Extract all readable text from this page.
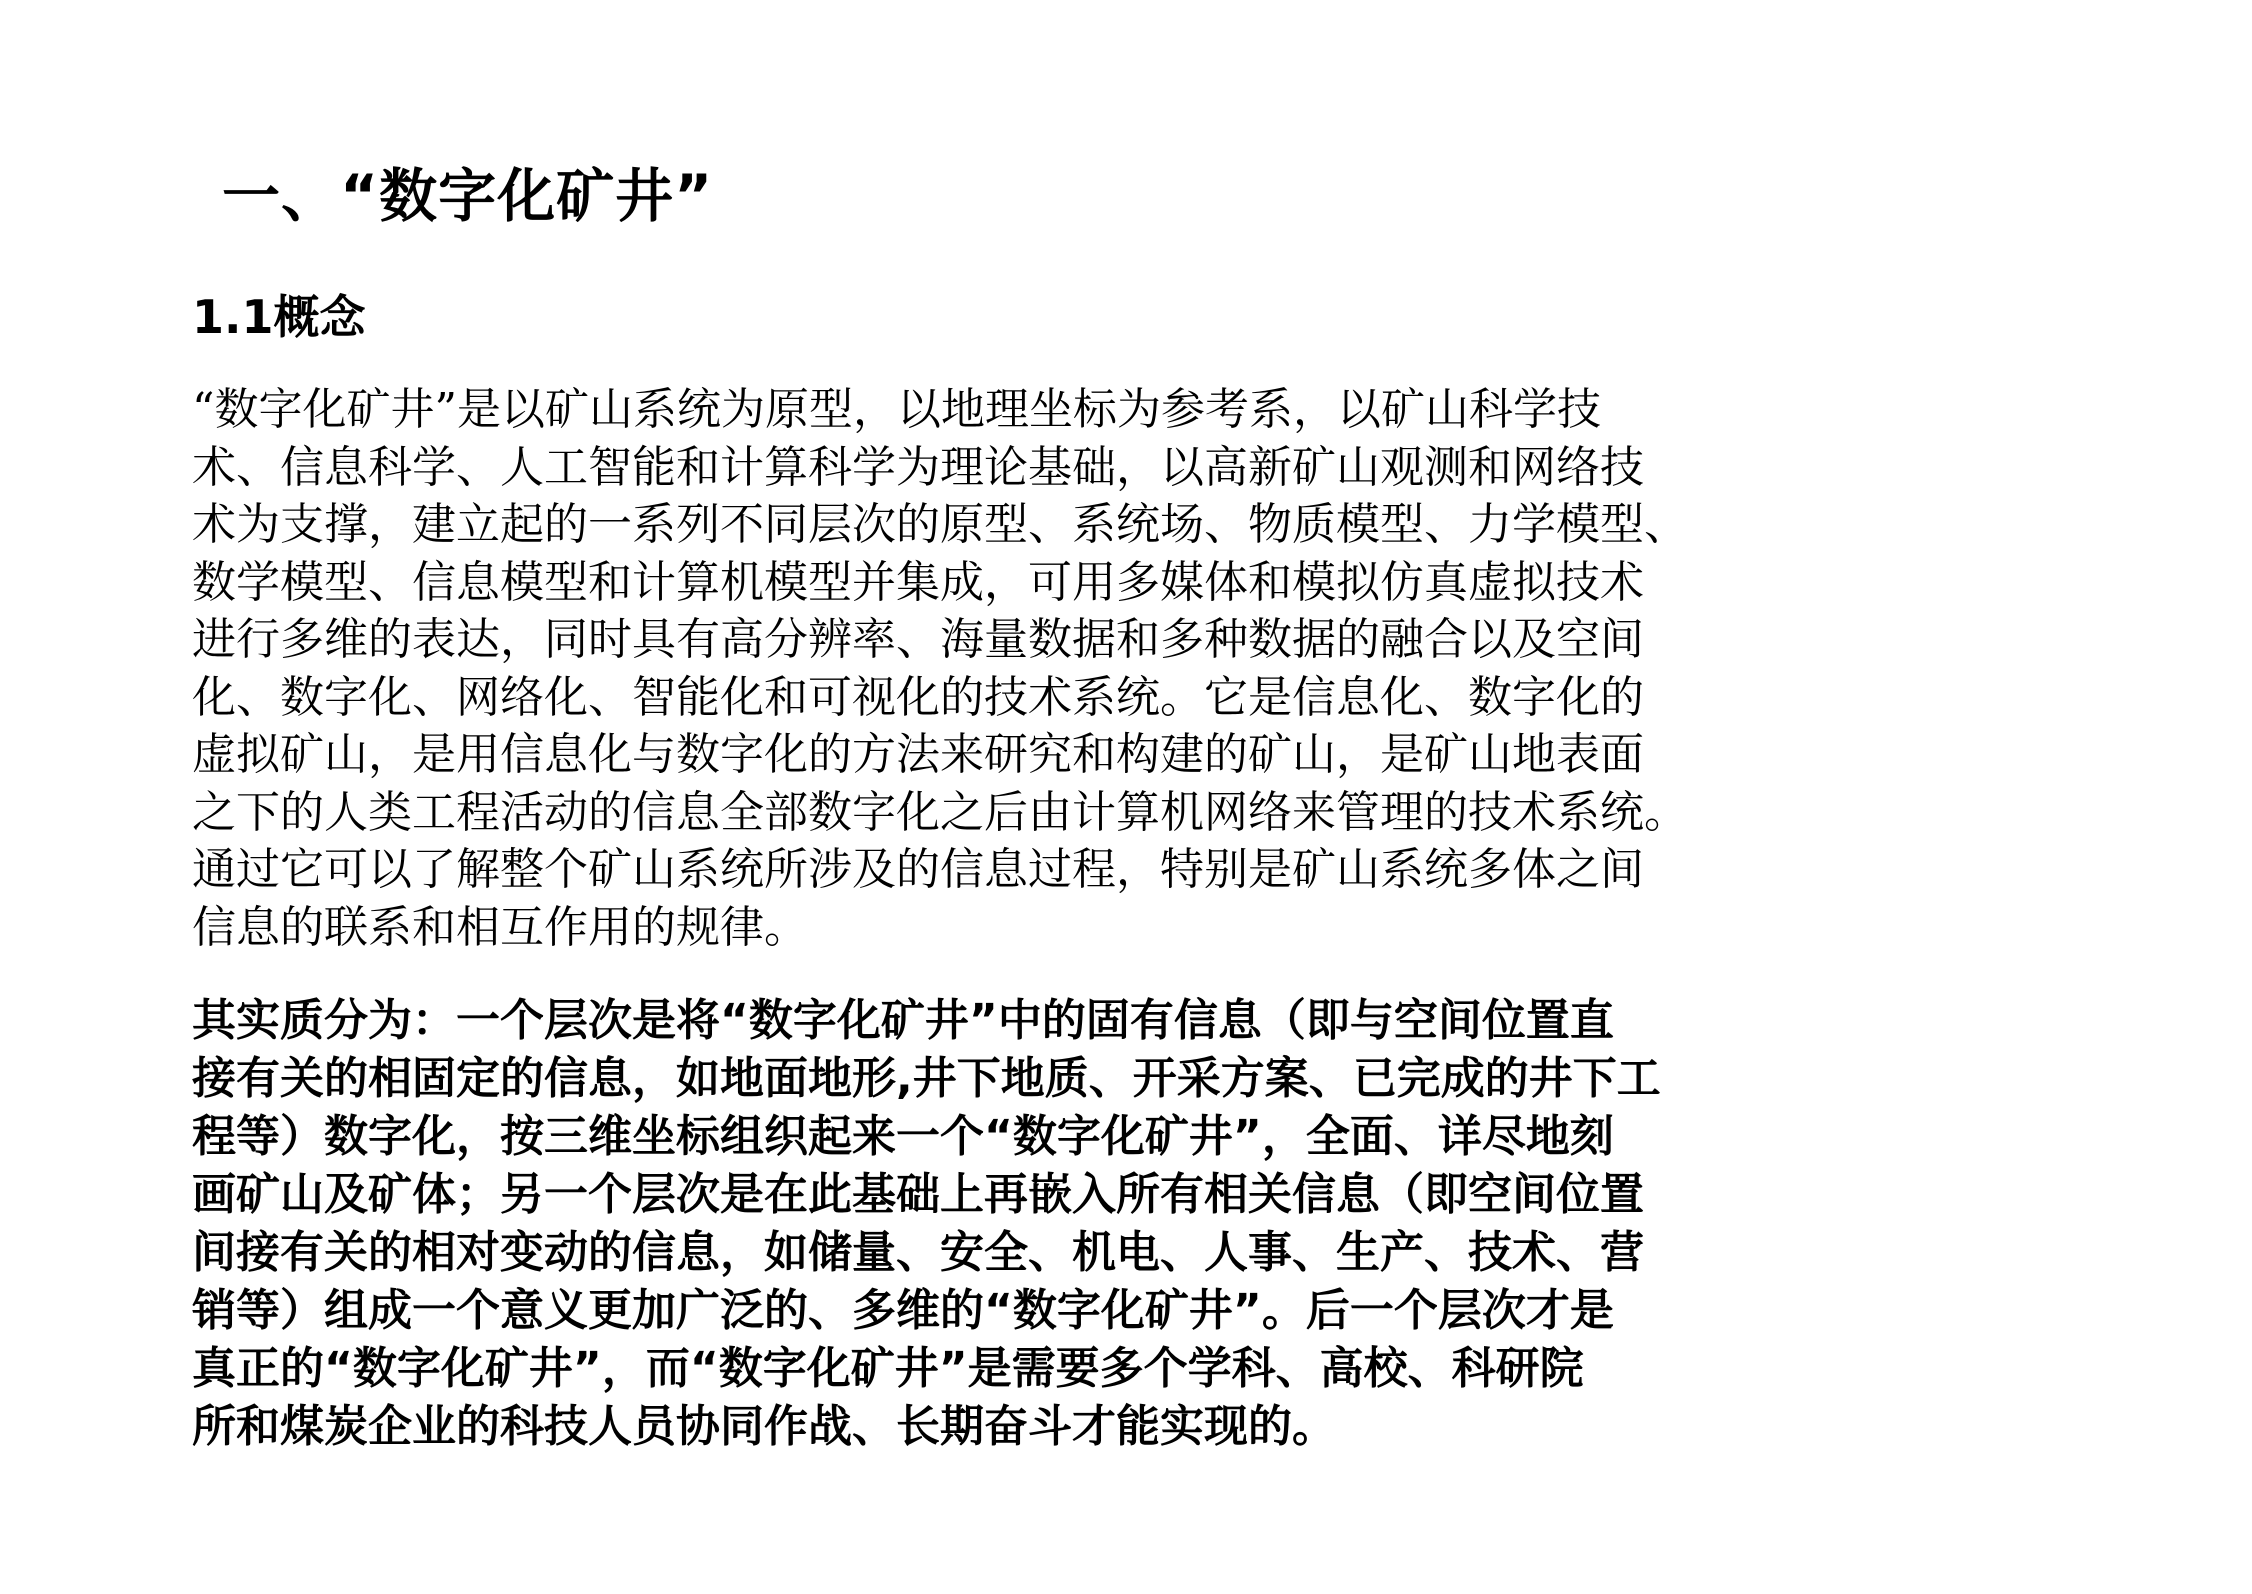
一、“数字化矿井”
1.1概念

“数字化矿井”是以矿山系统为原型，以地理坐标为参考系，以矿山科学技
术、信息科学、人工智能和计算科学为理论基础，以高新矿山观测和网络技
术为支撑，建立起的一系列不同层次的原型、系统场、物质模型、力学模型、
数学模型、信息模型和计算机模型并集成，可用多媒体和模拟仿真虚拟技术
进行多维的表达，同时具有高分辨率、海量数据和多种数据的融合以及空间
化、数字化、网络化、智能化和可视化的技术系统。它是信息化、数字化的
虚拟矿山，是用信息化与数字化的方法来研究和构建的矿山，是矿山地表面
之下的人类工程活动的信息全部数字化之后由计算机网络来管理的技术系统。
通过它可以了解整个矿山系统所涉及的信息过程，特别是矿山系统多体之间
信息的联系和相互作用的规律。

其实质分为：一个层次是将“数字化矿井”中的固有信息（即与空间位置直
接有关的相固定的信息，如地面地形,井下地质、开采方案、已完成的井下工
程等）数字化，按三维坐标组织起来一个“数字化矿井”，全面、详尽地刻
画矿山及矿体；另一个层次是在此基础上再嵌入所有相关信息（即空间位置
间接有关的相对变动的信息，如储量、安全、机电、人事、生产、技术、营
销等）组成一个意义更加广泛的、多维的“数字化矿井”。后一个层次才是
真正的“数字化矿井”，而“数字化矿井”是需要多个学科、高校、科研院
所和煤炭企业的科技人员协同作战、长期奋斗才能实现的。
